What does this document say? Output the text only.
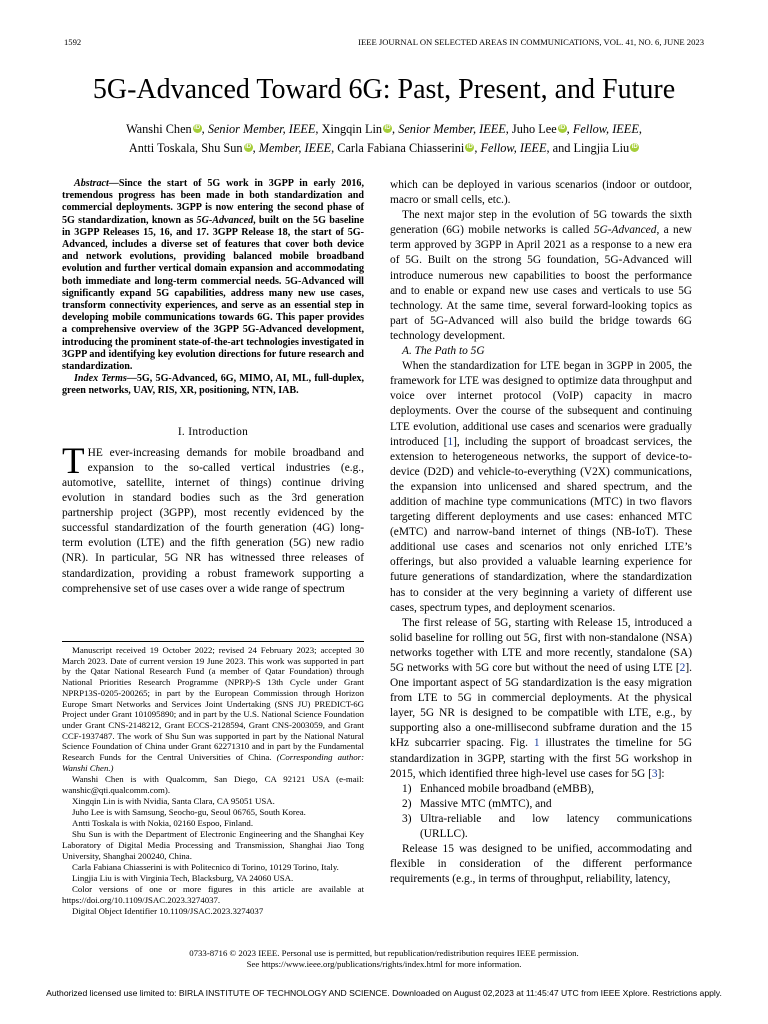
1592	IEEE JOURNAL ON SELECTED AREAS IN COMMUNICATIONS, VOL. 41, NO. 6, JUNE 2023
5G-Advanced Toward 6G: Past, Present, and Future
Wanshi Chen iD , Senior Member, IEEE, Xingqin Lin iD , Senior Member, IEEE, Juho Lee iD , Fellow, IEEE,
Antti Toskala, Shu Sun iD , Member, IEEE, Carla Fabiana Chiasserini iD , Fellow, IEEE, and Lingjia Liu iD

Abstract—Since the start of 5G work in 3GPP in early 2016, tremendous progress has been made in both standardization and commercial deployments. 3GPP is now entering the second phase of 5G standardization, known as 5G-Advanced, built on the 5G baseline in 3GPP Releases 15, 16, and 17. 3GPP Release 18, the start of 5G-Advanced, includes a diverse set of features that cover both device and network evolutions, providing balanced mobile broadband evolution and further vertical domain expansion and accommodating both immediate and long-term commercial needs. 5G-Advanced will significantly expand 5G capabilities, address many new use cases, transform connectivity experiences, and serve as an essential step in developing mobile communications towards 6G. This paper provides a comprehensive overview of the 3GPP 5G-Advanced development, introducing the prominent state-of-the-art technologies investigated in 3GPP and identifying key evolution directions for future research and standardization.

Index Terms—5G, 5G-Advanced, 6G, MIMO, AI, ML, full-duplex, green networks, UAV, RIS, XR, positioning, NTN, IAB.

I. Introduction

THE ever-increasing demands for mobile broadband and expansion to the so-called vertical industries (e.g., automotive, satellite, internet of things) continue driving evolution in standard bodies such as the 3rd generation partnership project (3GPP), most recently evidenced by the successful standardization of the fourth generation (4G) long-term evolution (LTE) and the fifth generation (5G) new radio (NR). In particular, 5G NR has witnessed three releases of standardization, providing a robust framework supporting a comprehensive set of use cases over a wide range of spectrum

Manuscript received 19 October 2022; revised 24 February 2023; accepted 30 March 2023. Date of current version 19 June 2023. This work was supported in part by the Qatar National Research Fund (a member of Qatar Foundation) through National Priorities Research Programme (NPRP)-S 13th Cycle under Grant NPRP13S-0205-200265; in part by the European Commission through Horizon Europe Smart Networks and Services Joint Undertaking (SNS JU) PREDICT-6G Project under Grant 101095890; and in part by the U.S. National Science Foundation under Grant CNS-2148212, Grant ECCS-2128594, Grant CNS-2003059, and Grant CCF-1937487. The work of Shu Sun was supported in part by the National Natural Science Foundation of China under Grant 62271310 and in part by the Fundamental Research Funds for the Central Universities of China. (Corresponding author: Wanshi Chen.)

Wanshi Chen is with Qualcomm, San Diego, CA 92121 USA (e-mail: wanshic@qti.qualcomm.com).

Xingqin Lin is with Nvidia, Santa Clara, CA 95051 USA.

Juho Lee is with Samsung, Seocho-gu, Seoul 06765, South Korea.

Antti Toskala is with Nokia, 02160 Espoo, Finland.

Shu Sun is with the Department of Electronic Engineering and the Shanghai Key Laboratory of Digital Media Processing and Transmission, Shanghai Jiao Tong University, Shanghai 200240, China.

Carla Fabiana Chiasserini is with Politecnico di Torino, 10129 Torino, Italy.

Lingjia Liu is with Virginia Tech, Blacksburg, VA 24060 USA.

Color versions of one or more figures in this article are available at https://doi.org/10.1109/JSAC.2023.3274037.

Digital Object Identifier 10.1109/JSAC.2023.3274037

which can be deployed in various scenarios (indoor or outdoor, macro or small cells, etc.).

The next major step in the evolution of 5G towards the sixth generation (6G) mobile networks is called 5G-Advanced, a new term approved by 3GPP in April 2021 as a response to a new era of 5G. Built on the strong 5G foundation, 5G-Advanced will introduce numerous new capabilities to boost the performance and to enable or expand new use cases and verticals to use 5G technology. At the same time, several forward-looking topics as part of 5G-Advanced will also build the bridge towards 6G technology development.

A. The Path to 5G

When the standardization for LTE began in 3GPP in 2005, the framework for LTE was designed to optimize data throughput and voice over internet protocol (VoIP) capacity in macro deployments. Over the course of the subsequent and continuing LTE evolution, additional use cases and scenarios were gradually introduced [1], including the support of broadcast services, the extension to heterogeneous networks, the support of device-to-device (D2D) and vehicle-to-everything (V2X) communications, the expansion into unlicensed and shared spectrum, and the addition of machine type communications (MTC) in two flavors targeting different deployments and use cases: enhanced MTC (eMTC) and narrow-band internet of things (NB-IoT). These additional use cases and scenarios not only enriched LTE’s offerings, but also provided a valuable learning experience for future generations of standardization, where the standardization has to consider at the very beginning a variety of different use cases, spectrum types, and deployment scenarios.

The first release of 5G, starting with Release 15, introduced a solid baseline for rolling out 5G, first with non-standalone (NSA) networks together with LTE and more recently, standalone (SA) 5G networks with 5G core but without the need of using LTE [2]. One important aspect of 5G standardization is the easy migration from LTE to 5G in commercial deployments. At the physical layer, 5G NR is designed to be compatible with LTE, e.g., by supporting also a one-millisecond subframe duration and the 15 kHz subcarrier spacing. Fig. 1 illustrates the timeline for 5G standardization in 3GPP, starting with the first 5G workshop in 2015, which identified three high-level use cases for 5G [3]:

1) Enhanced mobile broadband (eMBB),
2) Massive MTC (mMTC), and
3) Ultra-reliable and low latency communications
(URLLC).

Release 15 was designed to be unified, accommodating and flexible in consideration of the different performance requirements (e.g., in terms of throughput, reliability, latency,

0733-8716 © 2023 IEEE. Personal use is permitted, but republication/redistribution requires IEEE permission.
See https://www.ieee.org/publications/rights/index.html for more information.
Authorized licensed use limited to: BIRLA INSTITUTE OF TECHNOLOGY AND SCIENCE. Downloaded on August 02,2023 at 11:45:47 UTC from IEEE Xplore. Restrictions apply.
